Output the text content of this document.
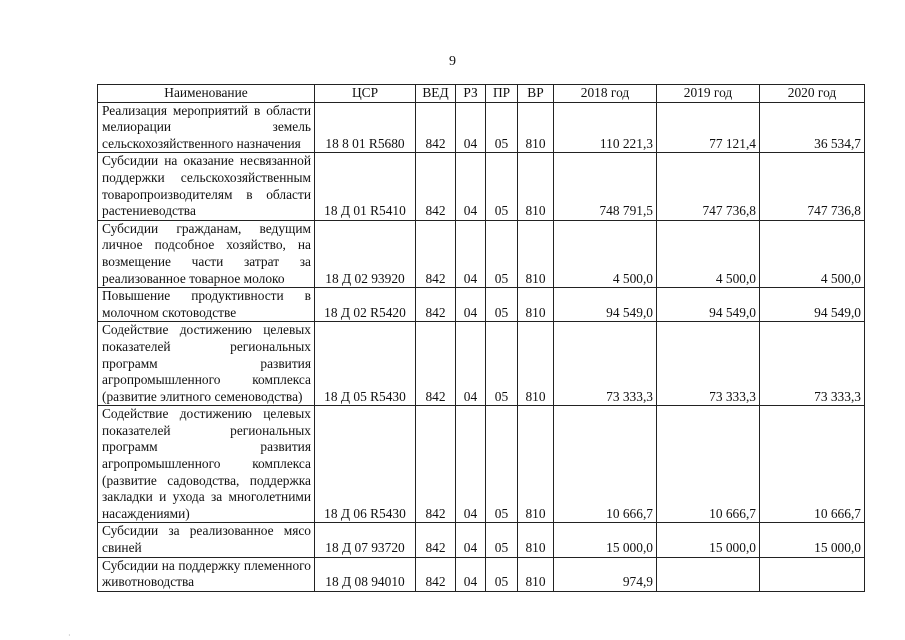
9
Наименование	ЦСР	ВЕД	РЗ	ПР	ВР	2018 год	2019 год	2020 год
Реализация мероприятий в области мелиорации земель сельскохозяйственного назначения	18 8 01 R5680	842	04	05	810	110 221,3	77 121,4	36 534,7
Субсидии на оказание несвязанной поддержки сельскохозяйственным товаропроизводителям в области растениеводства	18 Д 01 R5410	842	04	05	810	748 791,5	747 736,8	747 736,8
Субсидии гражданам, ведущим личное подсобное хозяйство, на возмещение части затрат за реализованное товарное молоко	18 Д 02 93920	842	04	05	810	4 500,0	4 500,0	4 500,0
Повышение продуктивности в молочном скотоводстве	18 Д 02 R5420	842	04	05	810	94 549,0	94 549,0	94 549,0
Содействие достижению целевых показателей региональных программ развития агропромышленного комплекса (развитие элитного семеноводства)	18 Д 05 R5430	842	04	05	810	73 333,3	73 333,3	73 333,3
Содействие достижению целевых показателей региональных программ развития агропромышленного комплекса (развитие садоводства, поддержка закладки и ухода за многолетними насаждениями)	18 Д 06 R5430	842	04	05	810	10 666,7	10 666,7	10 666,7
Субсидии за реализованное мясо свиней	18 Д 07 93720	842	04	05	810	15 000,0	15 000,0	15 000,0
Субсидии на поддержку племенного животноводства	18 Д 08 94010	842	04	05	810	974,9		
·
